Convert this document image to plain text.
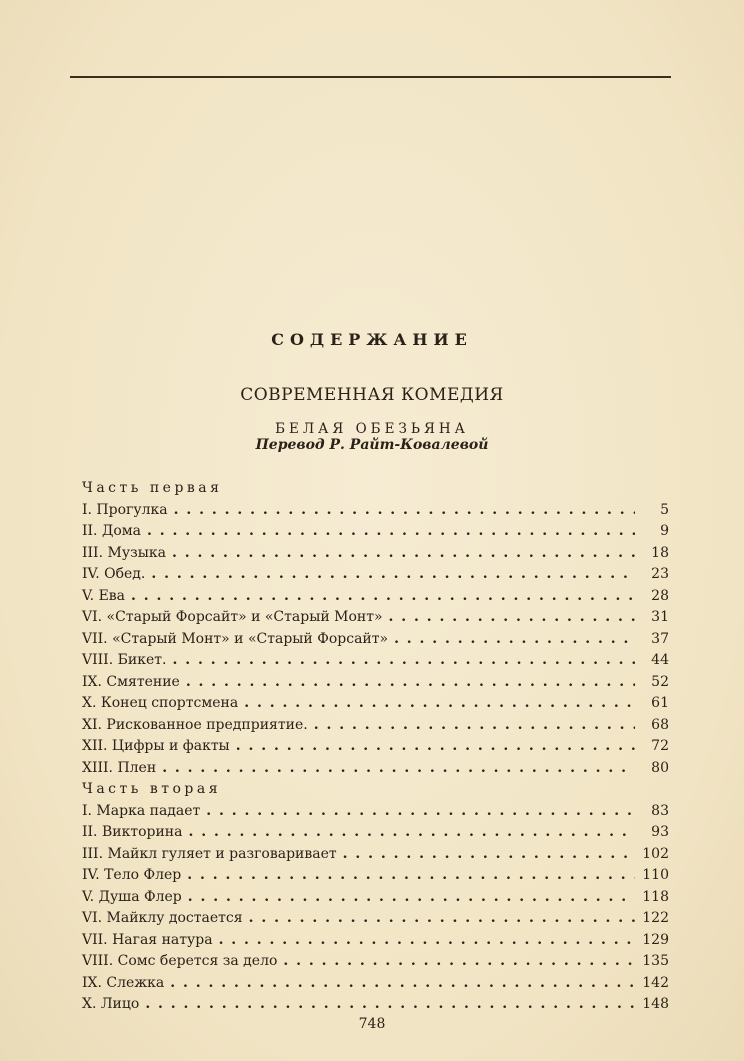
СОДЕРЖАНИЕ
СОВРЕМЕННАЯ КОМЕДИЯ
БЕЛАЯ ОБЕЗЬЯНА
Перевод Р. Райт-Ковалевой
Часть первая
I. Прогулка . . .	5
II. Дома . . .	9
III. Музыка . . .	18
IV. Обед. . . .	23
V. Ева . . .	28
VI. «Старый Форсайт» и «Старый Монт» . . .	31
VII. «Старый Монт» и «Старый Форсайт» . . .	37
VIII. Бикет. . . .	44
IX. Смятение . . .	52
X. Конец спортсмена . . .	61
XI. Рискованное предприятие. . . .	68
XII. Цифры и факты . . .	72
XIII. Плен . . .	80
Часть вторая
I. Марка падает . . .	83
II. Викторина . . .	93
III. Майкл гуляет и разговаривает . . .	102
IV. Тело Флер . . .	110
V. Душа Флер . . .	118
VI. Майклу достается . . .	122
VII. Нагая натура . . .	129
VIII. Сомс берется за дело . . .	135
IX. Слежка . . .	142
X. Лицо . . .	148
748
